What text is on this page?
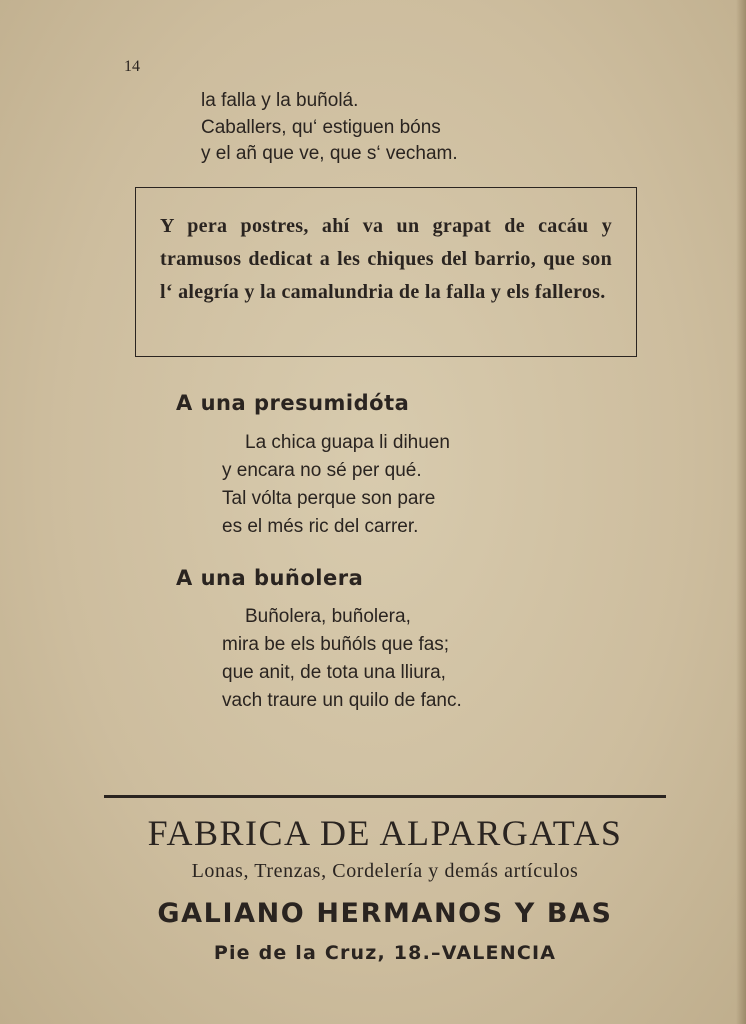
14
la falla y la buñolá.
Caballers, qu‘ estiguen bóns
y el añ que ve, que s‘ vecham.

Y pera postres, ahí va un grapat de cacáu y tramusos dedicat a les chiques del barrio, que son l‘ alegría y la camalundria de la falla y els falleros.

A una presumidóta
La chica guapa li dihuen
y encara no sé per qué.
Tal vólta perque son pare
es el més ric del carrer.
A una buñolera
Buñolera, buñolera,
mira be els buñóls que fas;
que anit, de tota una lliura,
vach traure un quilo de fanc.
FABRICA DE ALPARGATAS
Lonas, Trenzas, Cordelería y demás artículos
GALIANO HERMANOS Y BAS
Pie de la Cruz, 18.–VALENCIA
